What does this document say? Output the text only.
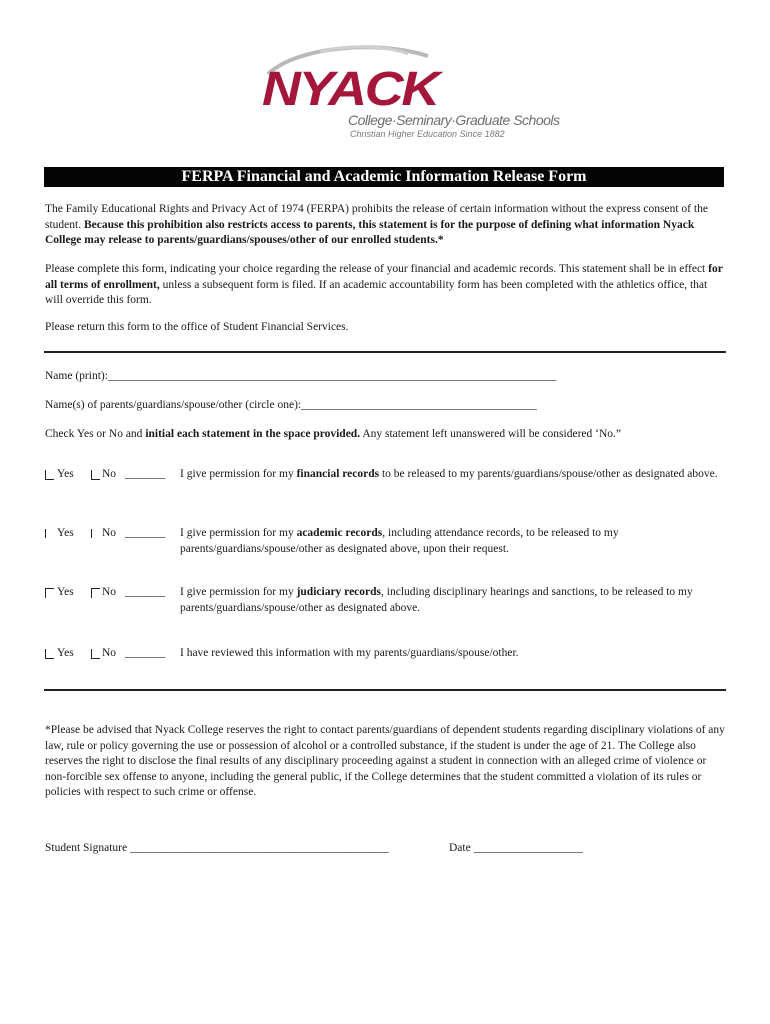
NYACK
College·Seminary·Graduate Schools
Christian Higher Education Since 1882
FERPA Financial and Academic Information Release Form

The Family Educational Rights and Privacy Act of 1974 (FERPA) prohibits the release of certain information without the express consent of the student. Because this prohibition also restricts access to parents, this statement is for the purpose of defining what information Nyack College may release to parents/guardians/spouses/other of our enrolled students.*

Please complete this form, indicating your choice regarding the release of your financial and academic records. This statement shall be in effect for all terms of enrollment, unless a subsequent form is filed. If an academic accountability form has been completed with the athletics office, that will override this form.

Please return this form to the office of Student Financial Services.

Name (print):______________________________________________________________________________
Name(s) of parents/guardians/spouse/other (circle one):_________________________________________
Check Yes or No and initial each statement in the space provided. Any statement left unanswered will be considered ‘No.”
Yes No _______ I give permission for my financial records to be released to my parents/guardians/spouse/other as designated above.
Yes No _______ I give permission for my academic records, including attendance records, to be released to my parents/guardians/spouse/other as designated above, upon their request.
Yes No _______ I give permission for my judiciary records, including disciplinary hearings and sanctions, to be released to my parents/guardians/spouse/other as designated above.
Yes No _______ I have reviewed this information with my parents/guardians/spouse/other.

*Please be advised that Nyack College reserves the right to contact parents/guardians of dependent students regarding disciplinary violations of any law, rule or policy governing the use or possession of alcohol or a controlled substance, if the student is under the age of 21. The College also reserves the right to disclose the final results of any disciplinary proceeding against a student in connection with an alleged crime of violence or non-forcible sex offense to anyone, including the general public, if the College determines that the student committed a violation of its rules or policies with respect to such crime or offense.

Student Signature _____________________________________________	Date ___________________
